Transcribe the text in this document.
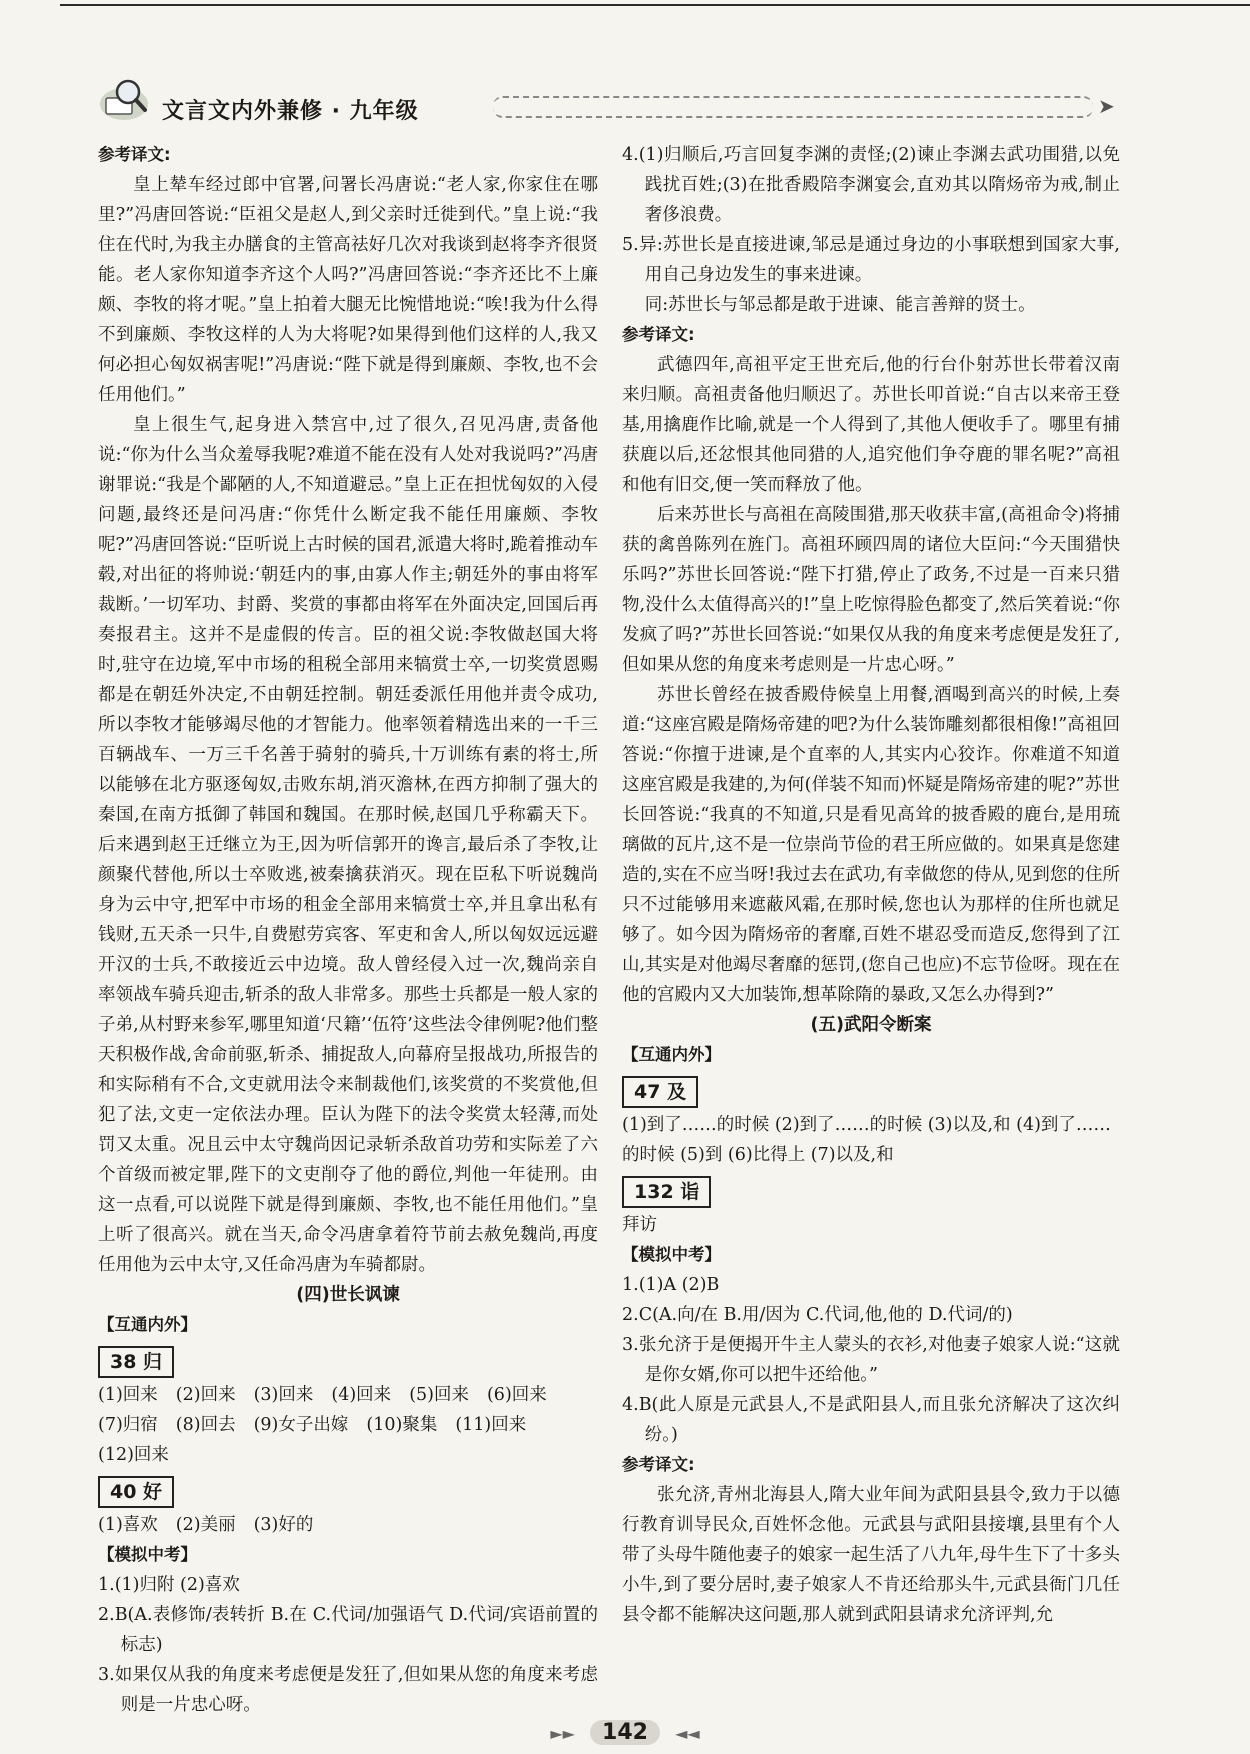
文言文内外兼修 · 九年级	➤

参考译文:

皇上辇车经过郎中官署,问署长冯唐说:“老人家,你家住在哪里?”冯唐回答说:“臣祖父是赵人,到父亲时迁徙到代。”皇上说:“我住在代时,为我主办膳食的主管高祛好几次对我谈到赵将李齐很贤能。老人家你知道李齐这个人吗?”冯唐回答说:“李齐还比不上廉颇、李牧的将才呢。”皇上拍着大腿无比惋惜地说:“唉!我为什么得不到廉颇、李牧这样的人为大将呢?如果得到他们这样的人,我又何必担心匈奴祸害呢!”冯唐说:“陛下就是得到廉颇、李牧,也不会任用他们。”

皇上很生气,起身进入禁宫中,过了很久,召见冯唐,责备他说:“你为什么当众羞辱我呢?难道不能在没有人处对我说吗?”冯唐谢罪说:“我是个鄙陋的人,不知道避忌。”皇上正在担忧匈奴的入侵问题,最终还是问冯唐:“你凭什么断定我不能任用廉颇、李牧呢?”冯唐回答说:“臣听说上古时候的国君,派遣大将时,跪着推动车毂,对出征的将帅说:‘朝廷内的事,由寡人作主;朝廷外的事由将军裁断。’一切军功、封爵、奖赏的事都由将军在外面决定,回国后再奏报君主。这并不是虚假的传言。臣的祖父说:李牧做赵国大将时,驻守在边境,军中市场的租税全部用来犒赏士卒,一切奖赏恩赐都是在朝廷外决定,不由朝廷控制。朝廷委派任用他并责令成功,所以李牧才能够竭尽他的才智能力。他率领着精选出来的一千三百辆战车、一万三千名善于骑射的骑兵,十万训练有素的将士,所以能够在北方驱逐匈奴,击败东胡,消灭澹林,在西方抑制了强大的秦国,在南方抵御了韩国和魏国。在那时候,赵国几乎称霸天下。后来遇到赵王迁继立为王,因为听信郭开的谗言,最后杀了李牧,让颜聚代替他,所以士卒败逃,被秦擒获消灭。现在臣私下听说魏尚身为云中守,把军中市场的租金全部用来犒赏士卒,并且拿出私有钱财,五天杀一只牛,自费慰劳宾客、军吏和舍人,所以匈奴远远避开汉的士兵,不敢接近云中边境。敌人曾经侵入过一次,魏尚亲自率领战车骑兵迎击,斩杀的敌人非常多。那些士兵都是一般人家的子弟,从村野来参军,哪里知道‘尺籍’‘伍符’这些法令律例呢?他们整天积极作战,舍命前驱,斩杀、捕捉敌人,向幕府呈报战功,所报告的和实际稍有不合,文吏就用法令来制裁他们,该奖赏的不奖赏他,但犯了法,文吏一定依法办理。臣认为陛下的法令奖赏太轻薄,而处罚又太重。况且云中太守魏尚因记录斩杀敌首功劳和实际差了六个首级而被定罪,陛下的文吏削夺了他的爵位,判他一年徒刑。由这一点看,可以说陛下就是得到廉颇、李牧,也不能任用他们。”皇上听了很高兴。就在当天,命令冯唐拿着符节前去赦免魏尚,再度任用他为云中太守,又任命冯唐为车骑都尉。

(四)世长讽谏

【互通内外】

38 归

(1)回来 (2)回来 (3)回来 (4)回来 (5)回来 (6)回来

(7)归宿 (8)回去 (9)女子出嫁 (10)聚集 (11)回来

(12)回来

40 好

(1)喜欢 (2)美丽 (3)好的

【模拟中考】

1.(1)归附 (2)喜欢

2.B(A.表修饰/表转折 B.在 C.代词/加强语气 D.代词/宾语前置的标志)

3.如果仅从我的角度来考虑便是发狂了,但如果从您的角度来考虑则是一片忠心呀。

4.(1)归顺后,巧言回复李渊的责怪;(2)谏止李渊去武功围猎,以免践扰百姓;(3)在批香殿陪李渊宴会,直劝其以隋炀帝为戒,制止奢侈浪费。

5.异:苏世长是直接进谏,邹忌是通过身边的小事联想到国家大事,用自己身边发生的事来进谏。

同:苏世长与邹忌都是敢于进谏、能言善辩的贤士。

参考译文:

武德四年,高祖平定王世充后,他的行台仆射苏世长带着汉南来归顺。高祖责备他归顺迟了。苏世长叩首说:“自古以来帝王登基,用擒鹿作比喻,就是一个人得到了,其他人便收手了。哪里有捕获鹿以后,还忿恨其他同猎的人,追究他们争夺鹿的罪名呢?”高祖和他有旧交,便一笑而释放了他。

后来苏世长与高祖在高陵围猎,那天收获丰富,(高祖命令)将捕获的禽兽陈列在旌门。高祖环顾四周的诸位大臣问:“今天围猎快乐吗?”苏世长回答说:“陛下打猎,停止了政务,不过是一百来只猎物,没什么太值得高兴的!”皇上吃惊得脸色都变了,然后笑着说:“你发疯了吗?”苏世长回答说:“如果仅从我的角度来考虑便是发狂了,但如果从您的角度来考虑则是一片忠心呀。”

苏世长曾经在披香殿侍候皇上用餐,酒喝到高兴的时候,上奏道:“这座宫殿是隋炀帝建的吧?为什么装饰雕刻都很相像!”高祖回答说:“你擅于进谏,是个直率的人,其实内心狡诈。你难道不知道这座宫殿是我建的,为何(佯装不知而)怀疑是隋炀帝建的呢?”苏世长回答说:“我真的不知道,只是看见高耸的披香殿的鹿台,是用琉璃做的瓦片,这不是一位崇尚节俭的君王所应做的。如果真是您建造的,实在不应当呀!我过去在武功,有幸做您的侍从,见到您的住所只不过能够用来遮蔽风霜,在那时候,您也认为那样的住所也就足够了。如今因为隋炀帝的奢靡,百姓不堪忍受而造反,您得到了江山,其实是对他竭尽奢靡的惩罚,(您自己也应)不忘节俭呀。现在在他的宫殿内又大加装饰,想革除隋的暴政,又怎么办得到?”

(五)武阳令断案

【互通内外】

47 及

(1)到了……的时候 (2)到了……的时候 (3)以及,和 (4)到了……的时候 (5)到 (6)比得上 (7)以及,和

132 诣

拜访

【模拟中考】

1.(1)A (2)B

2.C(A.向/在 B.用/因为 C.代词,他,他的 D.代词/的)

3.张允济于是便揭开牛主人蒙头的衣衫,对他妻子娘家人说:“这就是你女婿,你可以把牛还给他。”

4.B(此人原是元武县人,不是武阳县人,而且张允济解决了这次纠纷。)

参考译文:

张允济,青州北海县人,隋大业年间为武阳县县令,致力于以德行教育训导民众,百姓怀念他。元武县与武阳县接壤,县里有个人带了头母牛随他妻子的娘家一起生活了八九年,母牛生下了十多头小牛,到了要分居时,妻子娘家人不肯还给那头牛,元武县衙门几任县令都不能解决这问题,那人就到武阳县请求允济评判,允

►► 142 ◄◄
